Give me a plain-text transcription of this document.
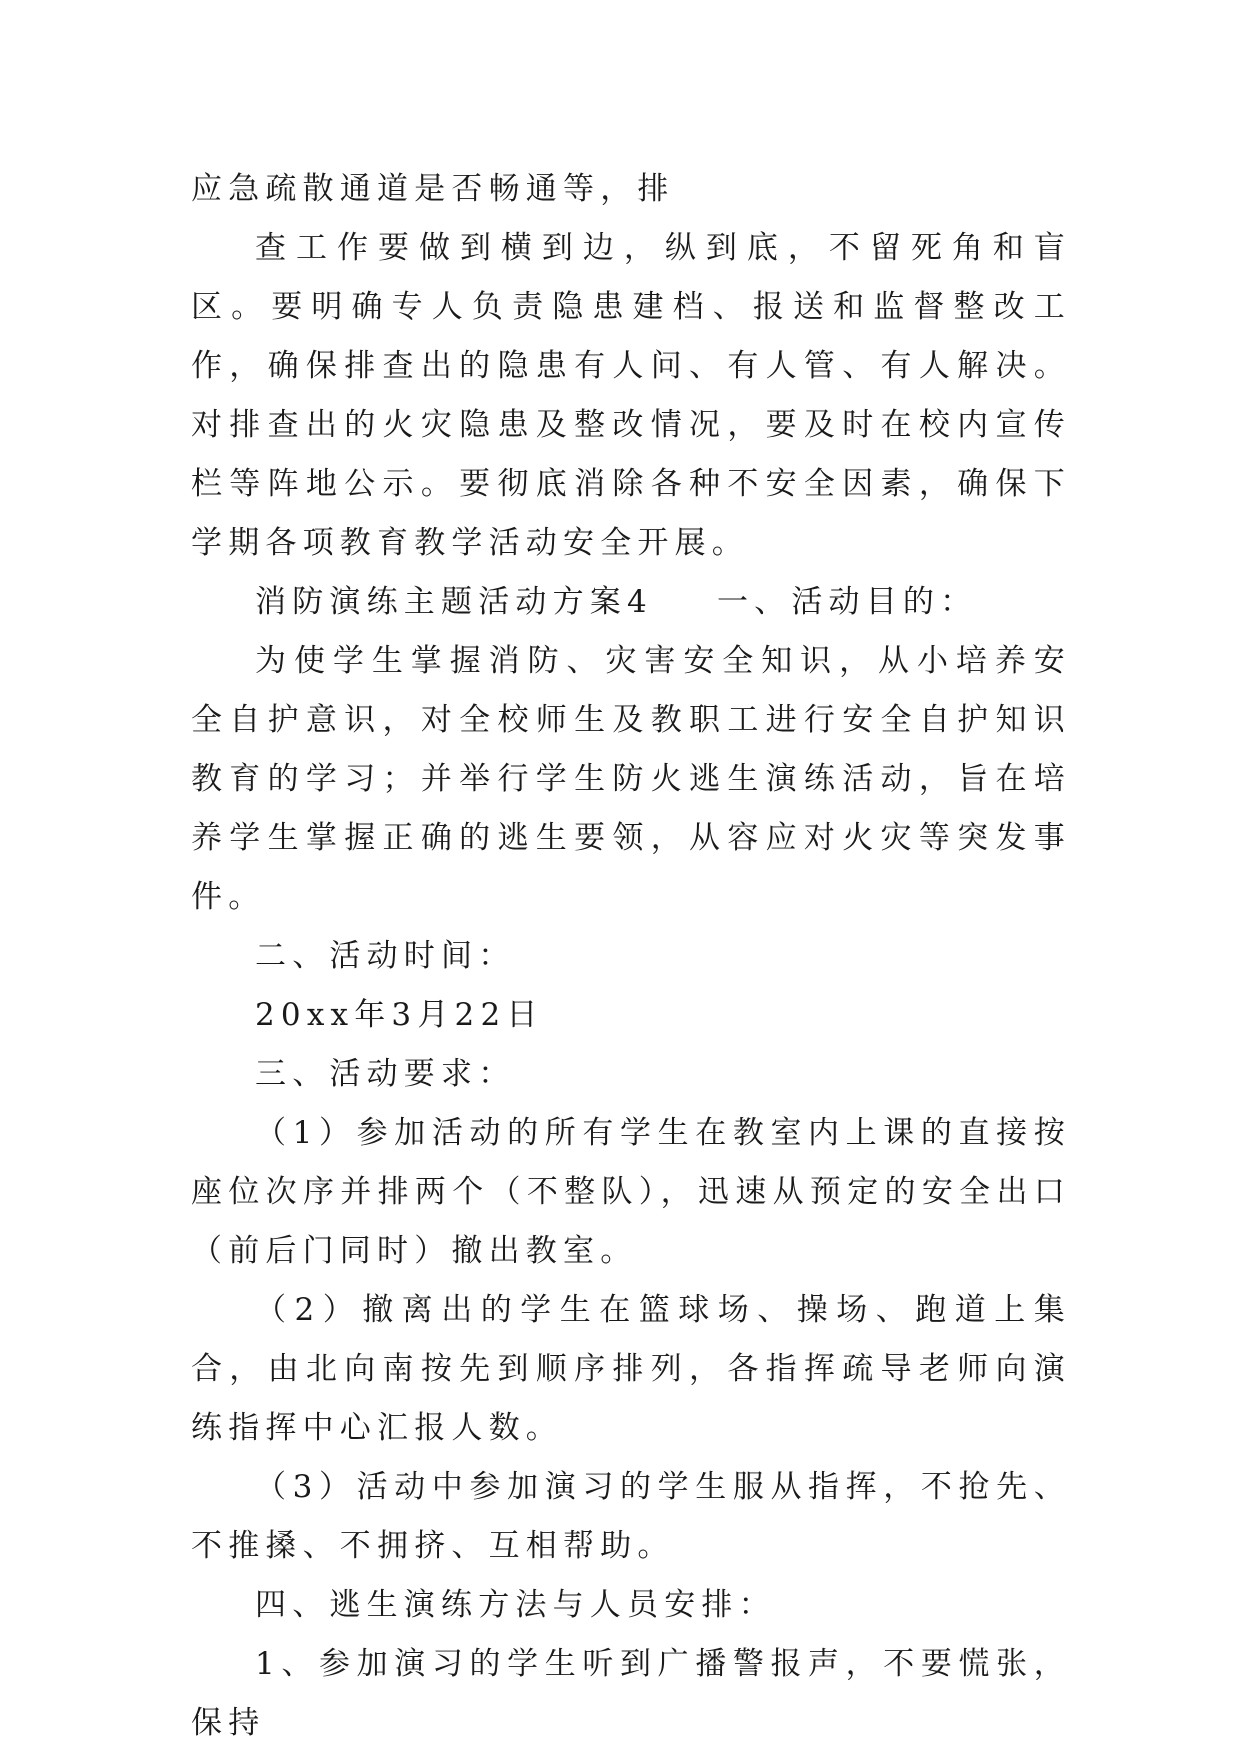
应急疏散通道是否畅通等，排

查工作要做到横到边，纵到底，不留死角和盲区。要明确专人负责隐患建档、报送和监督整改工作，确保排查出的隐患有人问、有人管、有人解决。对排查出的火灾隐患及整改情况，要及时在校内宣传栏等阵地公示。要彻底消除各种不安全因素，确保下学期各项教育教学活动安全开展。

消防演练主题活动方案4 一、活动目的：

为使学生掌握消防、灾害安全知识，从小培养安全自护意识，对全校师生及教职工进行安全自护知识教育的学习；并举行学生防火逃生演练活动，旨在培养学生掌握正确的逃生要领，从容应对火灾等突发事件。

二、活动时间：

20xx年3月22日

三、活动要求：

（1）参加活动的所有学生在教室内上课的直接按座位次序并排两个（不整队），迅速从预定的安全出口（前后门同时）撤出教室。

（2）撤离出的学生在篮球场、操场、跑道上集合，由北向南按先到顺序排列，各指挥疏导老师向演练指挥中心汇报人数。

（3）活动中参加演习的学生服从指挥，不抢先、不推搡、不拥挤、互相帮助。

四、逃生演练方法与人员安排：

1、参加演习的学生听到广播警报声，不要慌张，保持
